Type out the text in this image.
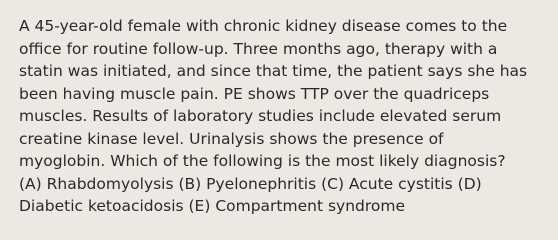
A 45-year-old female with chronic kidney disease comes to the
office for routine follow-up. Three months ago, therapy with a
statin was initiated, and since that time, the patient says she has
been having muscle pain. PE shows TTP over the quadriceps
muscles. Results of laboratory studies include elevated serum
creatine kinase level. Urinalysis shows the presence of
myoglobin. Which of the following is the most likely diagnosis?
(A) Rhabdomyolysis (B) Pyelonephritis (C) Acute cystitis (D)
Diabetic ketoacidosis (E) Compartment syndrome
